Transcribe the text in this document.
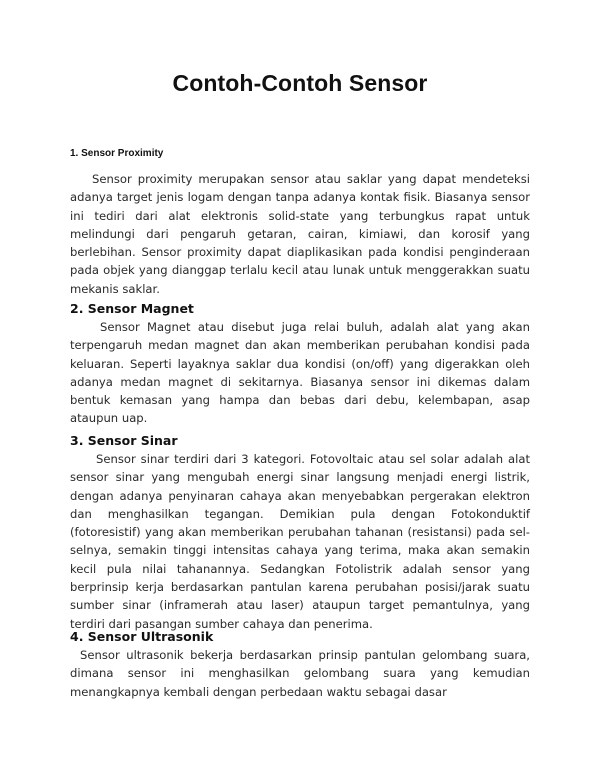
Contoh-Contoh Sensor

1. Sensor Proximity

Sensor proximity merupakan sensor atau saklar yang dapat mendeteksi adanya target jenis logam dengan tanpa adanya kontak fisik. Biasanya sensor ini tediri dari alat elektronis solid-state yang terbungkus rapat untuk melindungi dari pengaruh getaran, cairan, kimiawi, dan korosif yang berlebihan. Sensor proximity dapat diaplikasikan pada kondisi penginderaan pada objek yang dianggap terlalu kecil atau lunak untuk menggerakkan suatu mekanis saklar.

2. Sensor Magnet

Sensor Magnet atau disebut juga relai buluh, adalah alat yang akan terpengaruh medan magnet dan akan memberikan perubahan kondisi pada keluaran. Seperti layaknya saklar dua kondisi (on/off) yang digerakkan oleh adanya medan magnet di sekitarnya. Biasanya sensor ini dikemas dalam bentuk kemasan yang hampa dan bebas dari debu, kelembapan, asap ataupun uap.

3. Sensor Sinar

Sensor sinar terdiri dari 3 kategori. Fotovoltaic atau sel solar adalah alat sensor sinar yang mengubah energi sinar langsung menjadi energi listrik, dengan adanya penyinaran cahaya akan menyebabkan pergerakan elektron dan menghasilkan tegangan. Demikian pula dengan Fotokonduktif (fotoresistif) yang akan memberikan perubahan tahanan (resistansi) pada sel-selnya, semakin tinggi intensitas cahaya yang terima, maka akan semakin kecil pula nilai tahanannya. Sedangkan Fotolistrik adalah sensor yang berprinsip kerja berdasarkan pantulan karena perubahan posisi/jarak suatu sumber sinar (inframerah atau laser) ataupun target pemantulnya, yang terdiri dari pasangan sumber cahaya dan penerima.

4. Sensor Ultrasonik

Sensor ultrasonik bekerja berdasarkan prinsip pantulan gelombang suara, dimana sensor ini menghasilkan gelombang suara yang kemudian menangkapnya kembali dengan perbedaan waktu sebagai dasar
